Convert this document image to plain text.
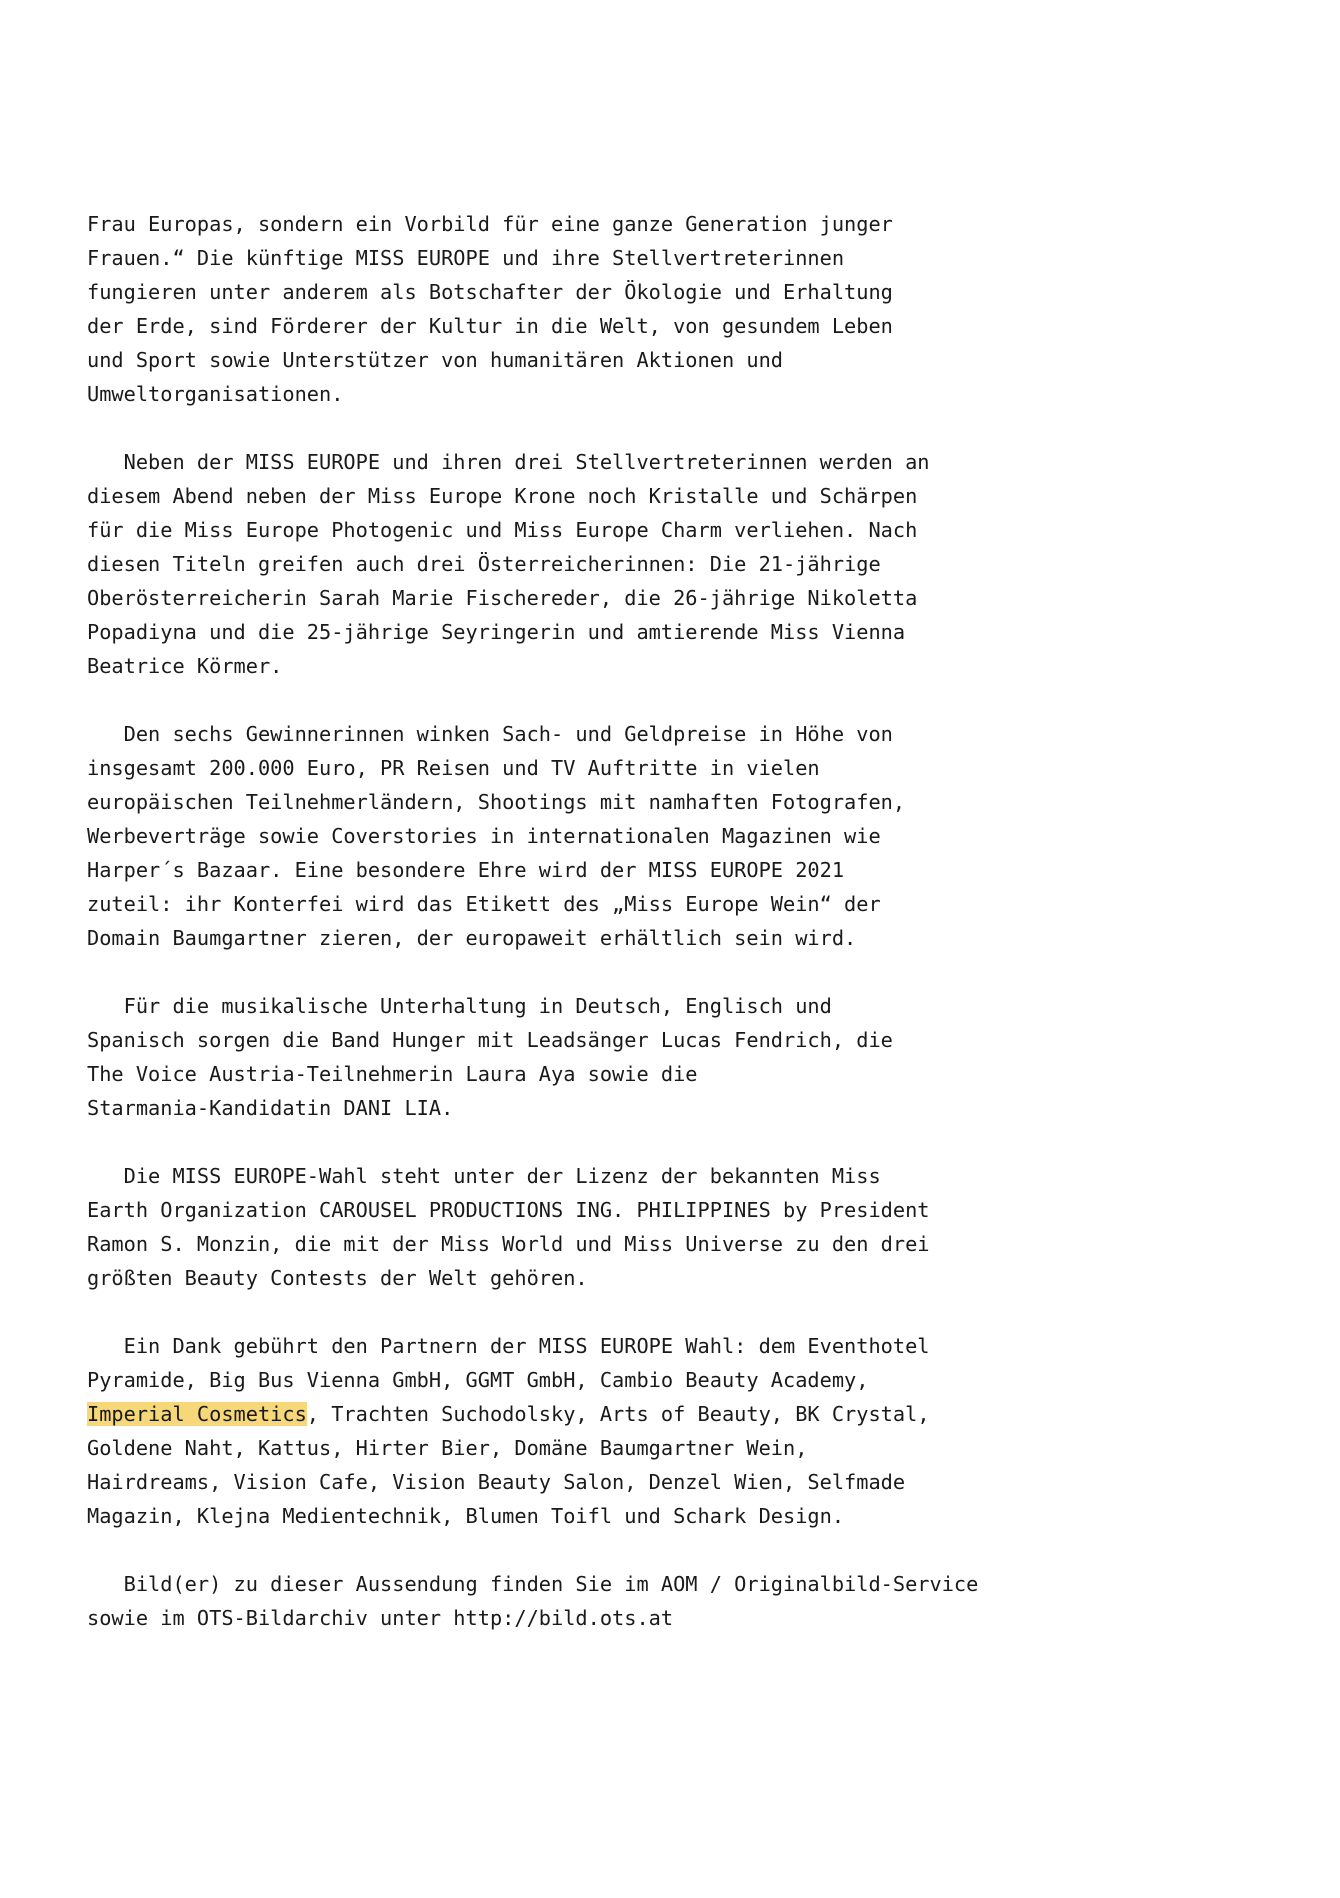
Frau Europas, sondern ein Vorbild für eine ganze Generation junger
Frauen.“ Die künftige MISS EUROPE und ihre Stellvertreterinnen
fungieren unter anderem als Botschafter der Ökologie und Erhaltung
der Erde, sind Förderer der Kultur in die Welt, von gesundem Leben
und Sport sowie Unterstützer von humanitären Aktionen und
Umweltorganisationen.
Neben der MISS EUROPE und ihren drei Stellvertreterinnen werden an
diesem Abend neben der Miss Europe Krone noch Kristalle und Schärpen
für die Miss Europe Photogenic und Miss Europe Charm verliehen. Nach
diesen Titeln greifen auch drei Österreicherinnen: Die 21-jährige
Oberösterreicherin Sarah Marie Fischereder, die 26-jährige Nikoletta
Popadiyna und die 25-jährige Seyringerin und amtierende Miss Vienna
Beatrice Körmer.
Den sechs Gewinnerinnen winken Sach- und Geldpreise in Höhe von
insgesamt 200.000 Euro, PR Reisen und TV Auftritte in vielen
europäischen Teilnehmerländern, Shootings mit namhaften Fotografen,
Werbeverträge sowie Coverstories in internationalen Magazinen wie
Harper´s Bazaar. Eine besondere Ehre wird der MISS EUROPE 2021
zuteil: ihr Konterfei wird das Etikett des „Miss Europe Wein“ der
Domain Baumgartner zieren, der europaweit erhältlich sein wird.
Für die musikalische Unterhaltung in Deutsch, Englisch und
Spanisch sorgen die Band Hunger mit Leadsänger Lucas Fendrich, die
The Voice Austria-Teilnehmerin Laura Aya sowie die
Starmania-Kandidatin DANI LIA.
Die MISS EUROPE-Wahl steht unter der Lizenz der bekannten Miss
Earth Organization CAROUSEL PRODUCTIONS ING. PHILIPPINES by President
Ramon S. Monzin, die mit der Miss World und Miss Universe zu den drei
größten Beauty Contests der Welt gehören.
Ein Dank gebührt den Partnern der MISS EUROPE Wahl: dem Eventhotel
Pyramide, Big Bus Vienna GmbH, GGMT GmbH, Cambio Beauty Academy,
Imperial Cosmetics, Trachten Suchodolsky, Arts of Beauty, BK Crystal,
Goldene Naht, Kattus, Hirter Bier, Domäne Baumgartner Wein,
Hairdreams, Vision Cafe, Vision Beauty Salon, Denzel Wien, Selfmade
Magazin, Klejna Medientechnik, Blumen Toifl und Schark Design.
Bild(er) zu dieser Aussendung finden Sie im AOM / Originalbild-Service
sowie im OTS-Bildarchiv unter http://bild.ots.at
